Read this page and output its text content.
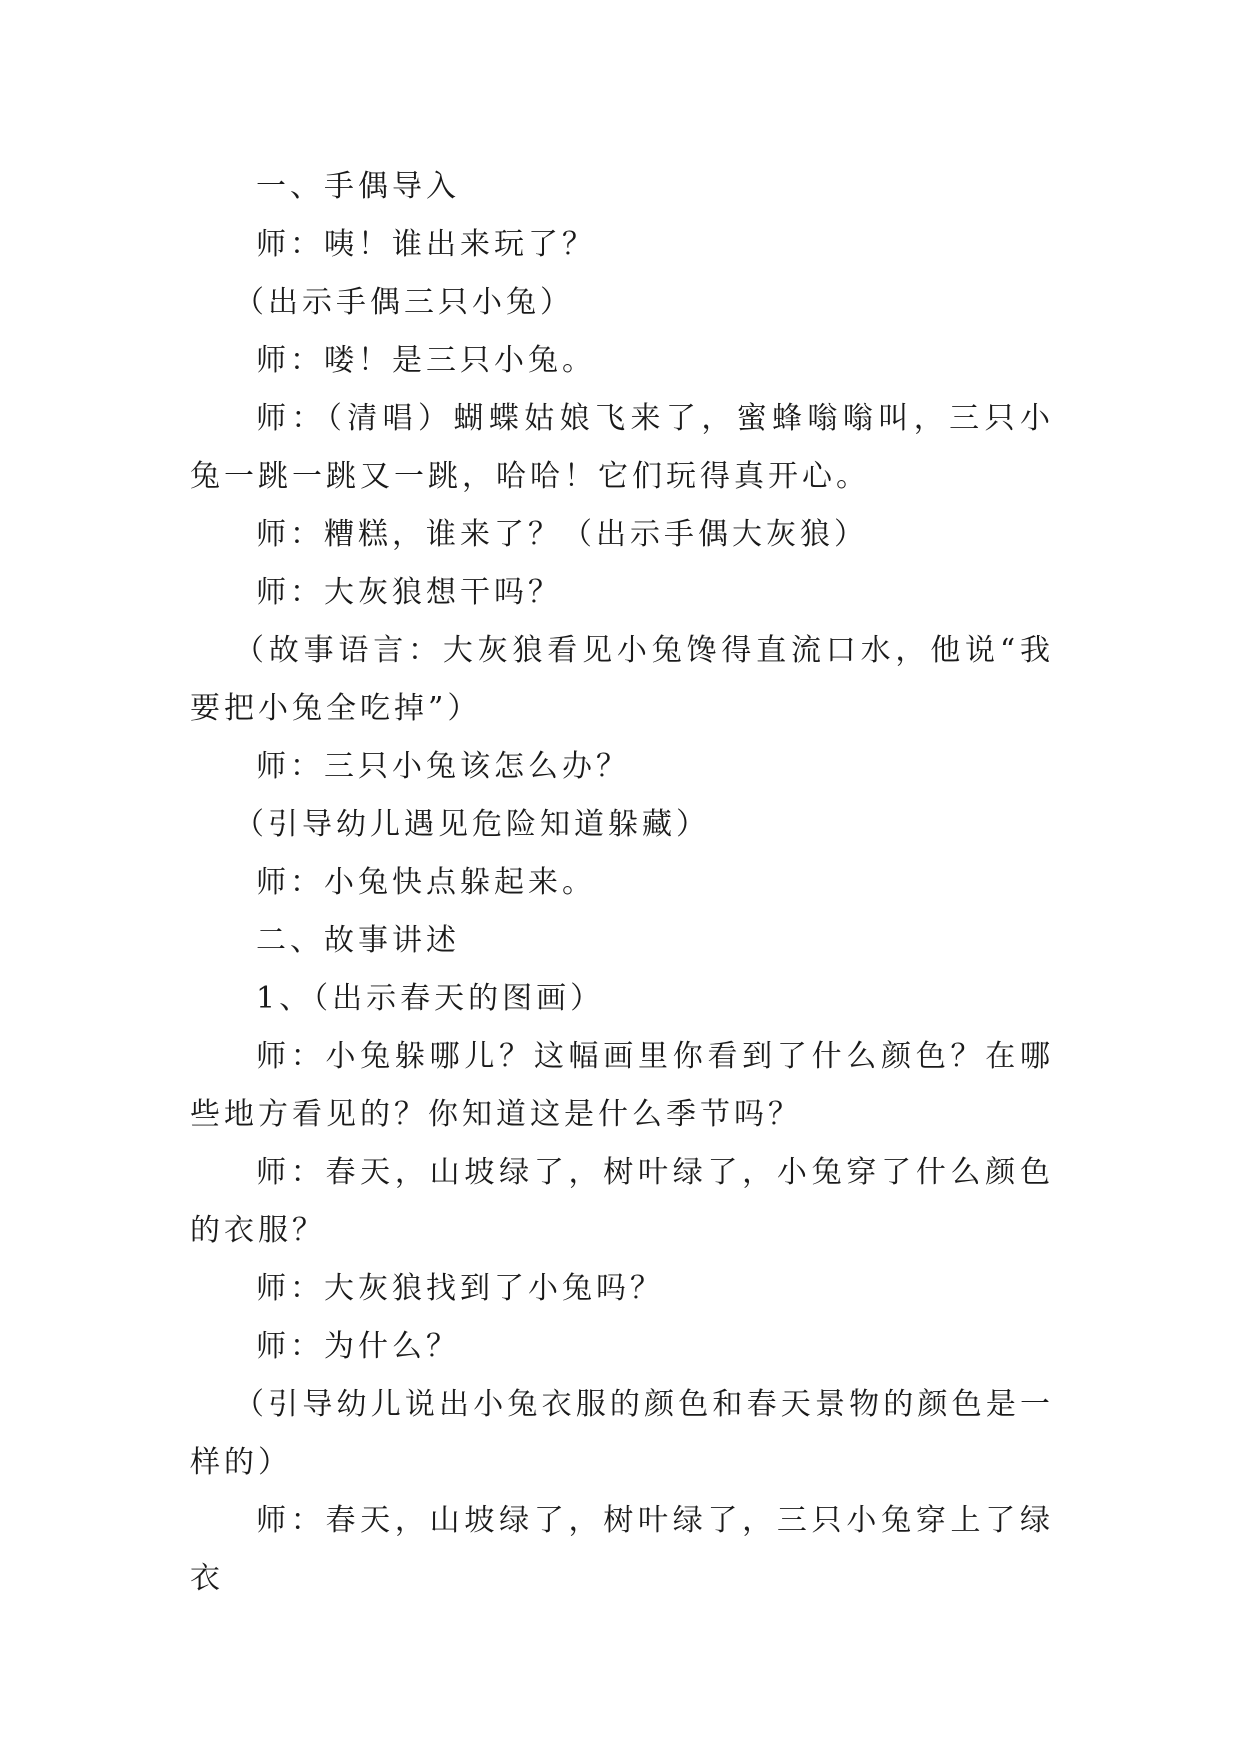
一、手偶导入

师：咦！谁出来玩了？

（出示手偶三只小兔）

师：喽！是三只小兔。

师：（清唱）蝴蝶姑娘飞来了，蜜蜂嗡嗡叫，三只小兔一跳一跳又一跳，哈哈！它们玩得真开心。

师：糟糕，谁来了？（出示手偶大灰狼）

师：大灰狼想干吗？

（故事语言：大灰狼看见小兔馋得直流口水，他说“我要把小兔全吃掉”）

师：三只小兔该怎么办？

（引导幼儿遇见危险知道躲藏）

师：小兔快点躲起来。

二、故事讲述

1、（出示春天的图画）

师：小兔躲哪儿？这幅画里你看到了什么颜色？在哪些地方看见的？你知道这是什么季节吗？

师：春天，山坡绿了，树叶绿了，小兔穿了什么颜色的衣服？

师：大灰狼找到了小兔吗？

师：为什么？

（引导幼儿说出小兔衣服的颜色和春天景物的颜色是一样的）

师：春天，山坡绿了，树叶绿了，三只小兔穿上了绿衣
